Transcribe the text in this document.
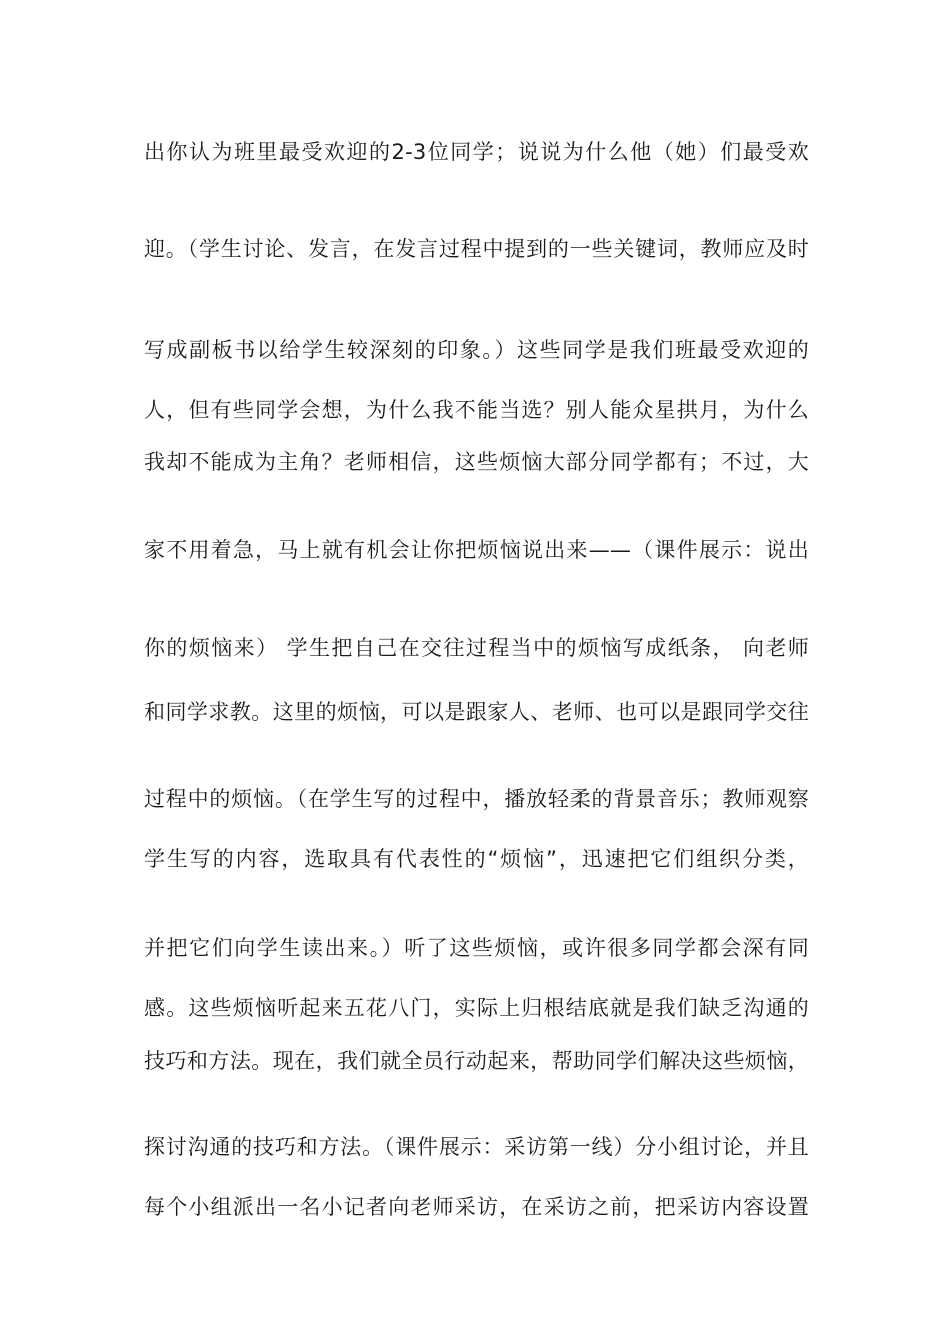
出你认为班里最受欢迎的2-3位同学；说说为什么他（她）们最受欢
迎。（学生讨论、发言，在发言过程中提到的一些关键词，教师应及时
写成副板书以给学生较深刻的印象。）这些同学是我们班最受欢迎的
人，但有些同学会想，为什么我不能当选？别人能众星拱月，为什么
我却不能成为主角？老师相信，这些烦恼大部分同学都有；不过，大
家不用着急，马上就有机会让你把烦恼说出来——（课件展示：说出
你的烦恼来） 学生把自己在交往过程当中的烦恼写成纸条， 向老师
和同学求教。这里的烦恼，可以是跟家人、老师、也可以是跟同学交往
过程中的烦恼。（在学生写的过程中，播放轻柔的背景音乐；教师观察
学生写的内容，选取具有代表性的“烦恼”，迅速把它们组织分类，
并把它们向学生读出来。）听了这些烦恼，或许很多同学都会深有同
感。这些烦恼听起来五花八门，实际上归根结底就是我们缺乏沟通的
技巧和方法。现在，我们就全员行动起来，帮助同学们解决这些烦恼，
探讨沟通的技巧和方法。（课件展示：采访第一线）分小组讨论，并且
每个小组派出一名小记者向老师采访，在采访之前，把采访内容设置
